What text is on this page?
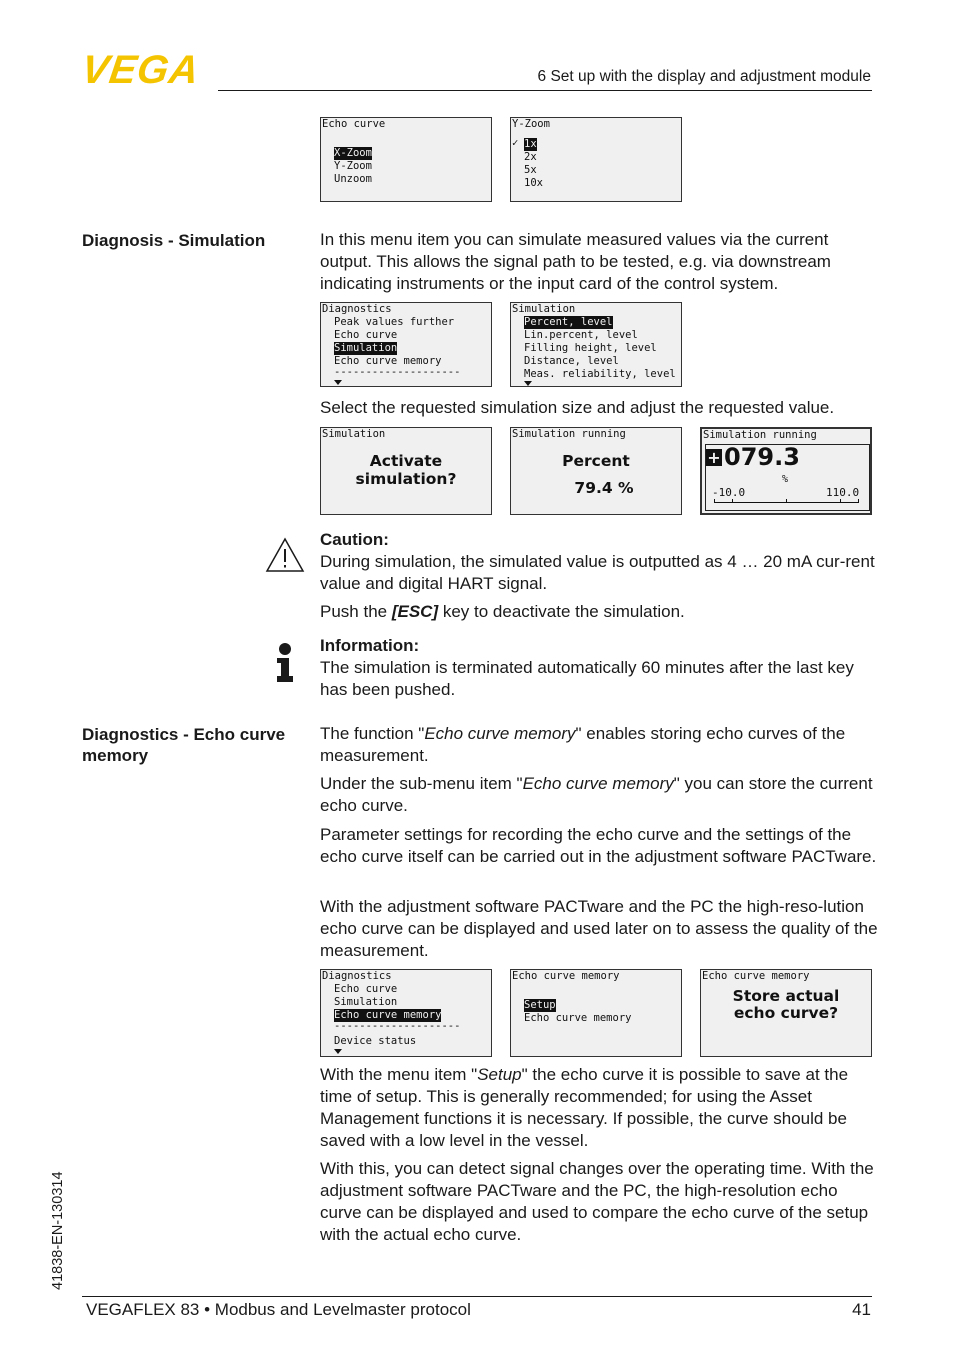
VEGA	6 Set up with the display and adjustment module
Echo curve
X-Zoom
Y-Zoom
Unzoom
Y-Zoom
✓ 1x
2x
5x
10x
Diagnosis - Simulation	In this menu item you can simulate measured values via the current output. This allows the signal path to be tested, e.g. via downstream indicating instruments or the input card of the control system.
Diagnostics
Peak values further
Echo curve
Simulation
Echo curve memory
--------------------
Simulation
Percent, level
Lin.percent, level
Filling height, level
Distance, level
Meas. reliability, level
Select the requested simulation size and adjust the requested value.
Simulation
Activate
simulation?
Simulation running
Percent
79.4 %
Simulation running
079.3
+
%
-10.0	110.0
Caution:
During simulation, the simulated value is outputted as 4 … 20 mA cur-rent value and digital HART signal.
Push the [ESC] key to deactivate the simulation.
Information:
The simulation is terminated automatically 60 minutes after the last key has been pushed.
Diagnostics - Echo curve memory
The function "Echo curve memory" enables storing echo curves of the measurement.
Under the sub-menu item "Echo curve memory" you can store the current echo curve.
Parameter settings for recording the echo curve and the settings of the echo curve itself can be carried out in the adjustment software PACTware.
With the adjustment software PACTware and the PC the high-reso-lution echo curve can be displayed and used later on to assess the quality of the measurement.
Diagnostics
Echo curve
Simulation
Echo curve memory
--------------------
Device status
Echo curve memory
Setup
Echo curve memory
Echo curve memory
Store actual
echo curve?
With the menu item "Setup" the echo curve it is possible to save at the time of setup. This is generally recommended; for using the Asset Management functions it is necessary. If possible, the curve should be saved with a low level in the vessel.
With this, you can detect signal changes over the operating time. With the adjustment software PACTware and the PC, the high-resolution echo curve can be displayed and used to compare the echo curve of the setup with the actual echo curve.
41838-EN-130314
VEGAFLEX 83 • Modbus and Levelmaster protocol	41
